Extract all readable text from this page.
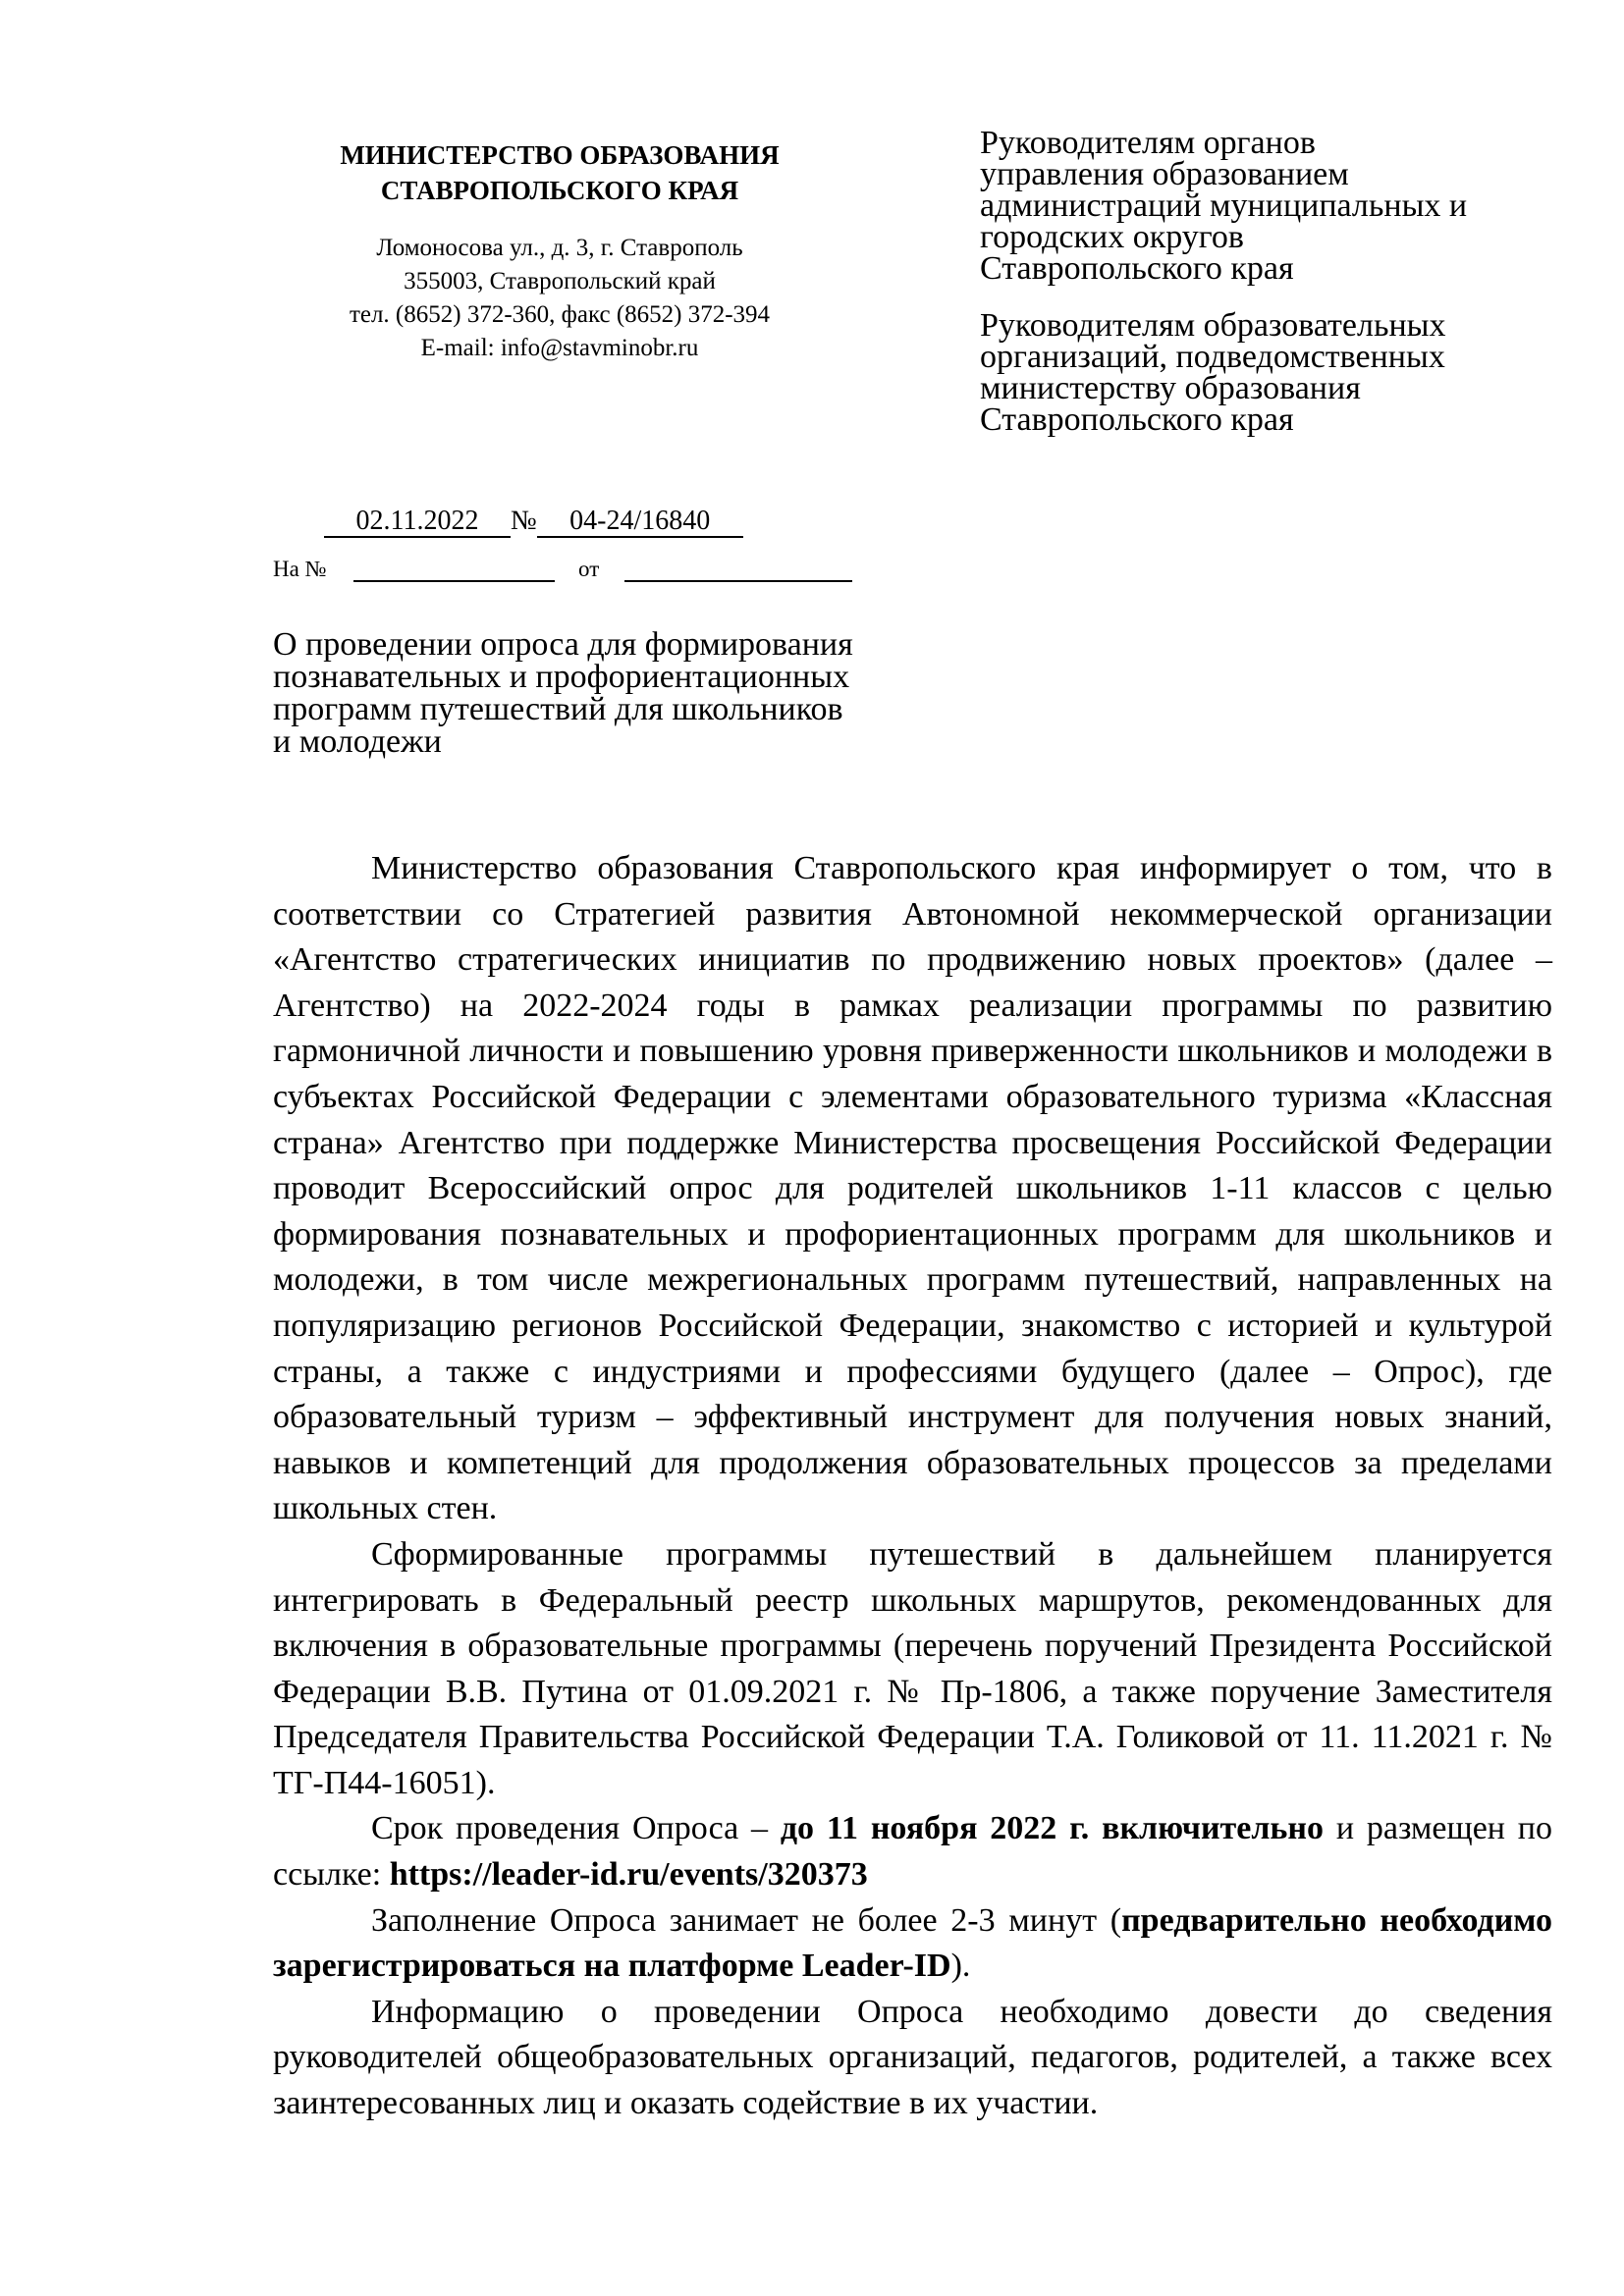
МИНИСТЕРСТВО ОБРАЗОВАНИЯ
СТАВРОПОЛЬСКОГО КРАЯ
Ломоносова ул., д. 3, г. Ставрополь
355003, Ставропольский край
тел. (8652) 372-360, факс (8652) 372-394
E-mail: info@stavminobr.ru
Руководителям органов
управления образованием
администраций муниципальных и
городских округов
Ставропольского края
Руководителям образовательных
организаций, подведомственных
министерству образования
Ставропольского края
02.11.2022 № 04-24/16840
На №	от
О проведении опроса для формирования
познавательных и профориентационных
программ путешествий для школьников
и молодежи

Министерство образования Ставропольского края информирует о том, что в соответствии со Стратегией развития Автономной некоммерческой организации «Агентство стратегических инициатив по продвижению новых проектов» (далее – Агентство) на 2022-2024 годы в рамках реализации программы по развитию гармоничной личности и повышению уровня приверженности школьников и молодежи в субъектах Российской Федерации с элементами образовательного туризма «Классная страна» Агентство при поддержке Министерства просвещения Российской Федерации проводит Всероссийский опрос для родителей школьников 1-11 классов с целью формирования познавательных и профориентационных программ для школьников и молодежи, в том числе межрегиональных программ путешествий, направленных на популяризацию регионов Российской Федерации, знакомство с историей и культурой страны, а также с индустриями и профессиями будущего (далее – Опрос), где образовательный туризм – эффективный инструмент для получения новых знаний, навыков и компетенций для продолжения образовательных процессов за пределами школьных стен.

Сформированные программы путешествий в дальнейшем планируется интегрировать в Федеральный реестр школьных маршрутов, рекомендованных для включения в образовательные программы (перечень поручений Президента Российской Федерации В.В. Путина от 01.09.2021 г. № Пр-1806, а также поручение Заместителя Председателя Правительства Российской Федерации Т.А. Голиковой от 11. 11.2021 г. № ТГ-П44-16051).

Срок проведения Опроса – до 11 ноября 2022 г. включительно и размещен по ссылке: https://leader-id.ru/events/320373

Заполнение Опроса занимает не более 2-3 минут (предварительно необходимо зарегистрироваться на платформе Leader-ID).

Информацию о проведении Опроса необходимо довести до сведения руководителей общеобразовательных организаций, педагогов, родителей, а также всех заинтересованных лиц и оказать содействие в их участии.
